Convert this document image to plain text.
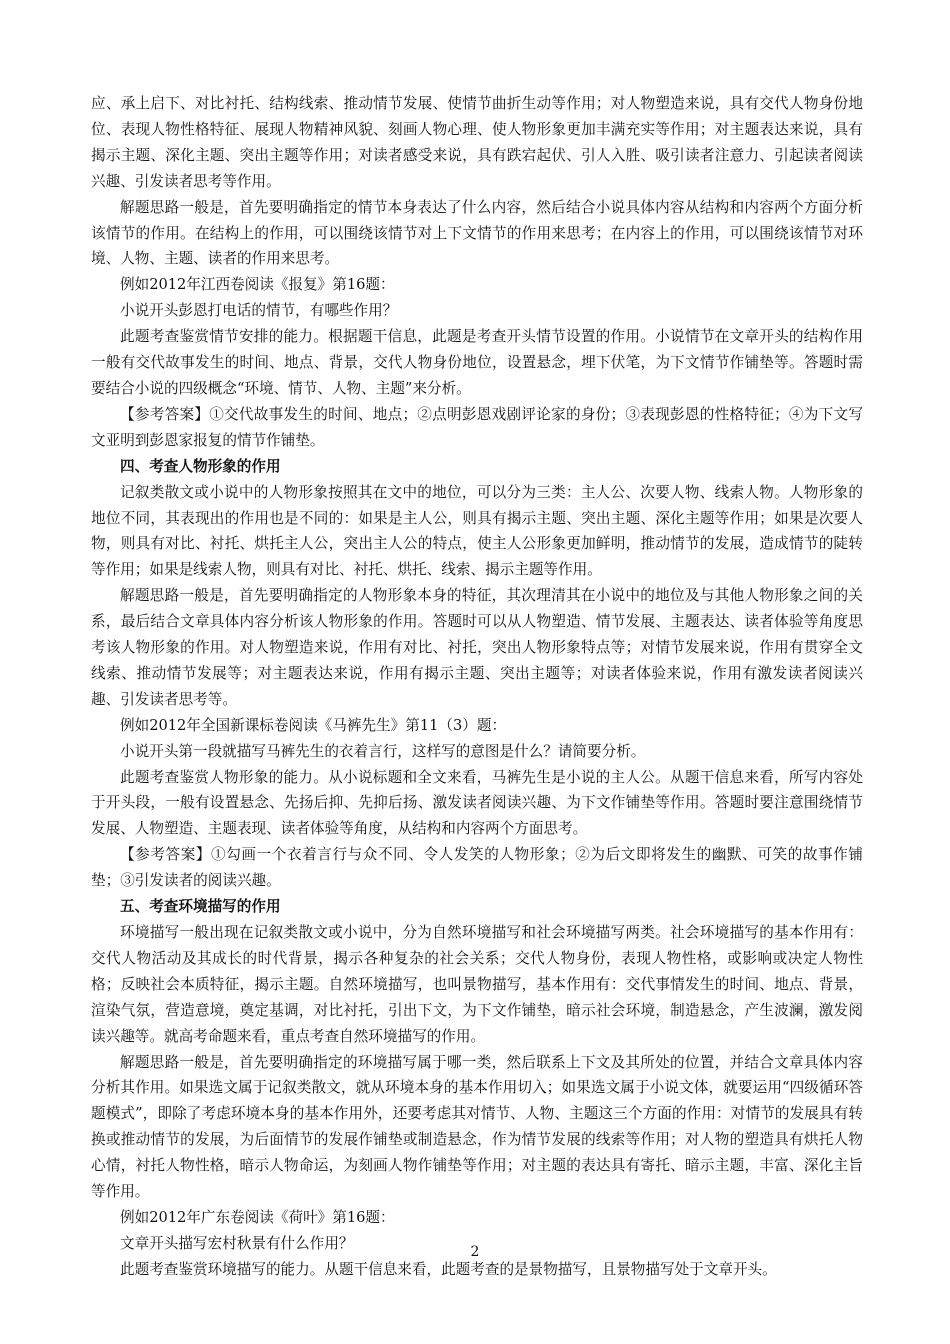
应、承上启下、对比衬托、结构线索、推动情节发展、使情节曲折生动等作用；对人物塑造来说，具有交代人物身份地位、表现人物性格特征、展现人物精神风貌、刻画人物心理、使人物形象更加丰满充实等作用；对主题表达来说，具有揭示主题、深化主题、突出主题等作用；对读者感受来说，具有跌宕起伏、引人入胜、吸引读者注意力、引起读者阅读兴趣、引发读者思考等作用。

解题思路一般是，首先要明确指定的情节本身表达了什么内容，然后结合小说具体内容从结构和内容两个方面分析该情节的作用。在结构上的作用，可以围绕该情节对上下文情节的作用来思考；在内容上的作用，可以围绕该情节对环境、人物、主题、读者的作用来思考。

例如2012年江西卷阅读《报复》第16题：

小说开头彭恩打电话的情节，有哪些作用？

此题考查鉴赏情节安排的能力。根据题干信息，此题是考查开头情节设置的作用。小说情节在文章开头的结构作用一般有交代故事发生的时间、地点、背景，交代人物身份地位，设置悬念，埋下伏笔，为下文情节作铺垫等。答题时需要结合小说的四级概念“环境、情节、人物、主题”来分析。

【参考答案】①交代故事发生的时间、地点；②点明彭恩戏剧评论家的身份；③表现彭恩的性格特征；④为下文写文亚明到彭恩家报复的情节作铺垫。

四、考查人物形象的作用

记叙类散文或小说中的人物形象按照其在文中的地位，可以分为三类：主人公、次要人物、线索人物。人物形象的地位不同，其表现出的作用也是不同的：如果是主人公，则具有揭示主题、突出主题、深化主题等作用；如果是次要人物，则具有对比、衬托、烘托主人公，突出主人公的特点，使主人公形象更加鲜明，推动情节的发展，造成情节的陡转等作用；如果是线索人物，则具有对比、衬托、烘托、线索、揭示主题等作用。

解题思路一般是，首先要明确指定的人物形象本身的特征，其次理清其在小说中的地位及与其他人物形象之间的关系，最后结合文章具体内容分析该人物形象的作用。答题时可以从人物塑造、情节发展、主题表达、读者体验等角度思考该人物形象的作用。对人物塑造来说，作用有对比、衬托，突出人物形象特点等；对情节发展来说，作用有贯穿全文线索、推动情节发展等；对主题表达来说，作用有揭示主题、突出主题等；对读者体验来说，作用有激发读者阅读兴趣、引发读者思考等。

例如2012年全国新课标卷阅读《马裤先生》第11（3）题：

小说开头第一段就描写马裤先生的衣着言行，这样写的意图是什么？请简要分析。

此题考查鉴赏人物形象的能力。从小说标题和全文来看，马裤先生是小说的主人公。从题干信息来看，所写内容处于开头段，一般有设置悬念、先扬后抑、先抑后扬、激发读者阅读兴趣、为下文作铺垫等作用。答题时要注意围绕情节发展、人物塑造、主题表现、读者体验等角度，从结构和内容两个方面思考。

【参考答案】①勾画一个衣着言行与众不同、令人发笑的人物形象；②为后文即将发生的幽默、可笑的故事作铺垫；③引发读者的阅读兴趣。

五、考查环境描写的作用

环境描写一般出现在记叙类散文或小说中，分为自然环境描写和社会环境描写两类。社会环境描写的基本作用有：交代人物活动及其成长的时代背景，揭示各种复杂的社会关系；交代人物身份，表现人物性格，或影响或决定人物性格；反映社会本质特征，揭示主题。自然环境描写，也叫景物描写，基本作用有：交代事情发生的时间、地点、背景，渲染气氛，营造意境，奠定基调，对比衬托，引出下文，为下文作铺垫，暗示社会环境，制造悬念，产生波澜，激发阅读兴趣等。就高考命题来看，重点考查自然环境描写的作用。

解题思路一般是，首先要明确指定的环境描写属于哪一类，然后联系上下文及其所处的位置，并结合文章具体内容分析其作用。如果选文属于记叙类散文，就从环境本身的基本作用切入；如果选文属于小说文体，就要运用“四级循环答题模式”，即除了考虑环境本身的基本作用外，还要考虑其对情节、人物、主题这三个方面的作用：对情节的发展具有转换或推动情节的发展，为后面情节的发展作铺垫或制造悬念，作为情节发展的线索等作用；对人物的塑造具有烘托人物心情，衬托人物性格，暗示人物命运，为刻画人物作铺垫等作用；对主题的表达具有寄托、暗示主题，丰富、深化主旨等作用。

例如2012年广东卷阅读《荷叶》第16题：

文章开头描写宏村秋景有什么作用？

此题考查鉴赏环境描写的能力。从题干信息来看，此题考查的是景物描写，且景物描写处于文章开头。

2
